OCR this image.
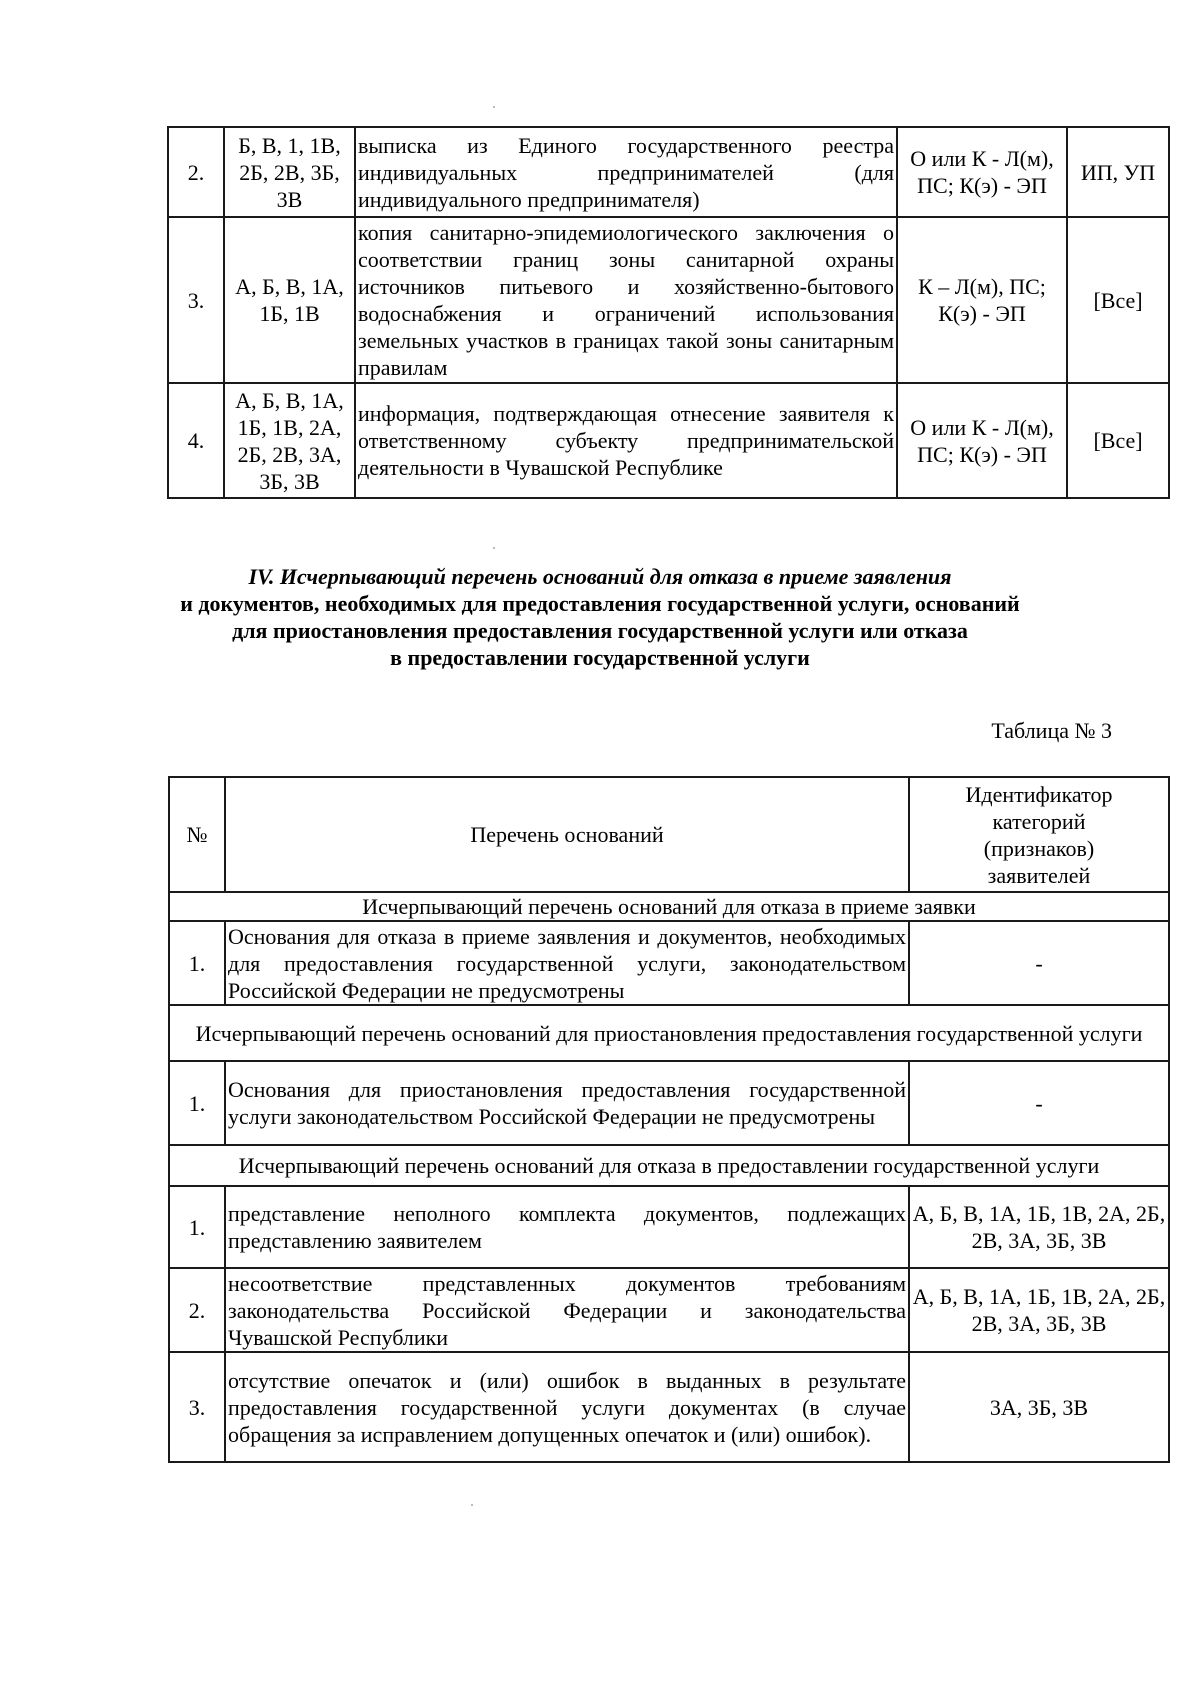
2.	Б, В, 1, 1В, 2Б, 2В, 3Б, 3В	выписка из Единого государственного реестра индивидуальных предпринимателей (для индивидуального предпринимателя)	О или К - Л(м), ПС; К(э) - ЭП	ИП, УП
3.	А, Б, В, 1А, 1Б, 1В	копия санитарно-эпидемиологического заключения о соответствии границ зоны санитарной охраны источников питьевого и хозяйственно-бытового водоснабжения и ограничений использования земельных участков в границах такой зоны санитарным правилам	К – Л(м), ПС; К(э) - ЭП	[Все]
4.	А, Б, В, 1А, 1Б, 1В, 2А, 2Б, 2В, 3А, 3Б, 3В	информация, подтверждающая отнесение заявителя к ответственному субъекту предпринимательской деятельности в Чувашской Республике	О или К - Л(м), ПС; К(э) - ЭП	[Все]
IV. Исчерпывающий перечень оснований для отказа в приеме заявления
и документов, необходимых для предоставления государственной услуги, оснований
для приостановления предоставления государственной услуги или отказа
в предоставлении государственной услуги
Таблица № 3
№	Перечень оснований	Идентификатор категорий (признаков) заявителей
Исчерпывающий перечень оснований для отказа в приеме заявки		
1.	Основания для отказа в приеме заявления и документов, необходимых для предоставления государственной услуги, законодательством Российской Федерации не предусмотрены	-
Исчерпывающий перечень оснований для приостановления предоставления государственной услуги		
1.	Основания для приостановления предоставления государственной услуги законодательством Российской Федерации не предусмотрены	-
Исчерпывающий перечень оснований для отказа в предоставлении государственной услуги		
1.	представление неполного комплекта документов, подлежащих представлению заявителем	А, Б, В, 1А, 1Б, 1В, 2А, 2Б, 2В, 3А, 3Б, 3В
2.	несоответствие представленных документов требованиям законодательства Российской Федерации и законодательства Чувашской Республики	А, Б, В, 1А, 1Б, 1В, 2А, 2Б, 2В, 3А, 3Б, 3В
3.	отсутствие опечаток и (или) ошибок в выданных в результате предоставления государственной услуги документах (в случае обращения за исправлением допущенных опечаток и (или) ошибок).	3А, 3Б, 3В
